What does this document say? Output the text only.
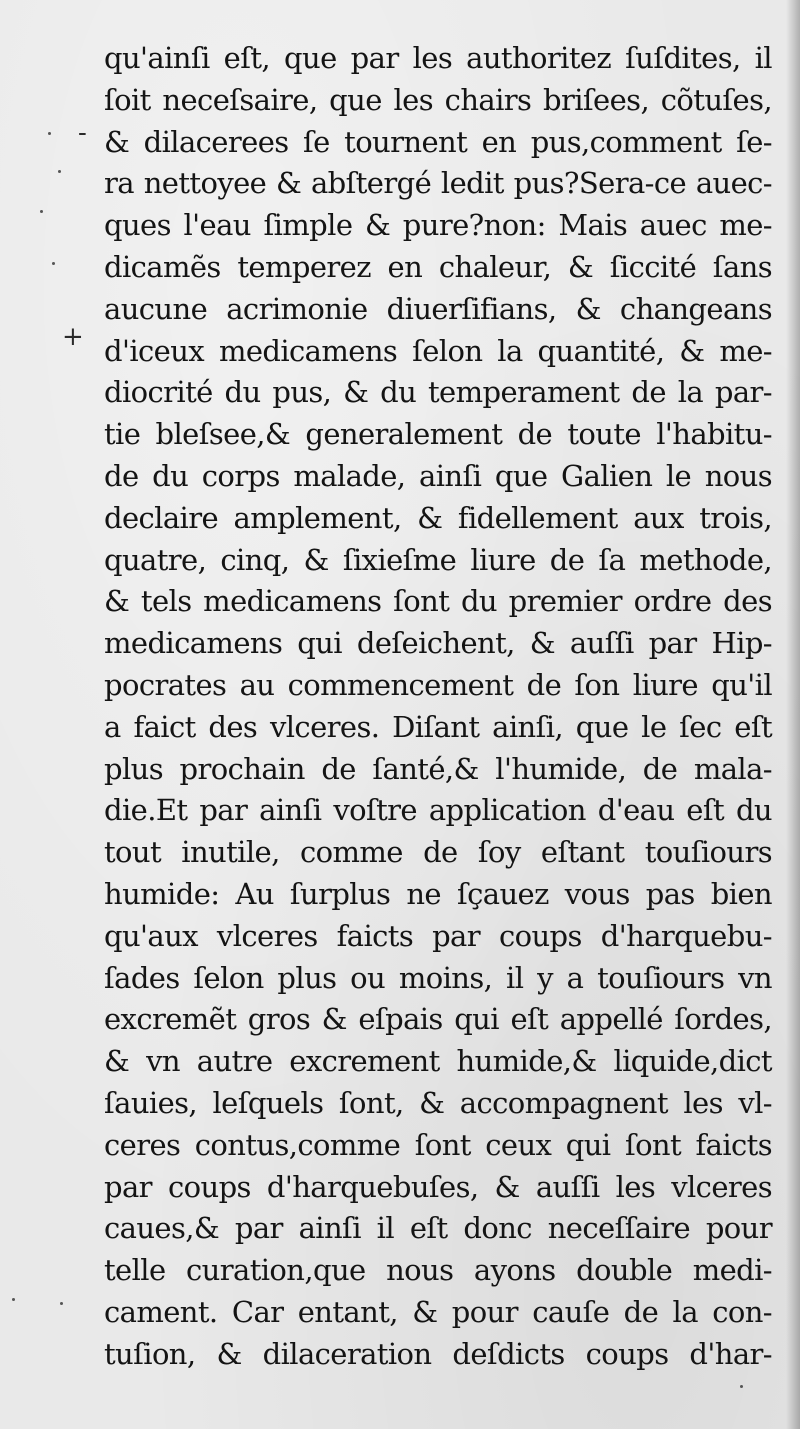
-
+
qu'ainſi eſt, que par les authoritez ſuſdites, il
ſoit neceſsaire, que les chairs briſees, cõtuſes,
& dilacerees ſe tournent en pus,comment ſe-
ra nettoyee & abſtergé ledit pus?Sera-ce auec-
ques l'eau ſimple & pure?non: Mais auec me-
dicamẽs temperez en chaleur, & ſiccité ſans
aucune acrimonie diuerſifians, & changeans
d'iceux medicamens ſelon la quantité, & me-
diocrité du pus, & du temperament de la par-
tie bleſsee,& generalement de toute l'habitu-
de du corps malade, ainſi que Galien le nous
declaire amplement, & fidellement aux trois,
quatre, cinq, & ſixieſme liure de ſa methode,
& tels medicamens ſont du premier ordre des
medicamens qui deſeichent, & auſſi par Hip-
pocrates au commencement de ſon liure qu'il
a faict des vlceres. Diſant ainſi, que le ſec eſt
plus prochain de ſanté,& l'humide, de mala-
die.Et par ainſi voſtre application d'eau eſt du
tout inutile, comme de ſoy eſtant touſiours
humide: Au ſurplus ne ſçauez vous pas bien
qu'aux vlceres faicts par coups d'harquebu-
ſades ſelon plus ou moins, il y a touſiours vn
excremẽt gros & eſpais qui eſt appellé ſordes,
& vn autre excrement humide,& liquide,dict
ſauies, leſquels ſont, & accompagnent les vl-
ceres contus,comme ſont ceux qui ſont faicts
par coups d'harquebuſes, & auſſi les vlceres
caues,& par ainſi il eſt donc neceſſaire pour
telle curation,que nous ayons double medi-
cament. Car entant, & pour cauſe de la con-
tuſion, & dilaceration deſdicts coups d'har-
